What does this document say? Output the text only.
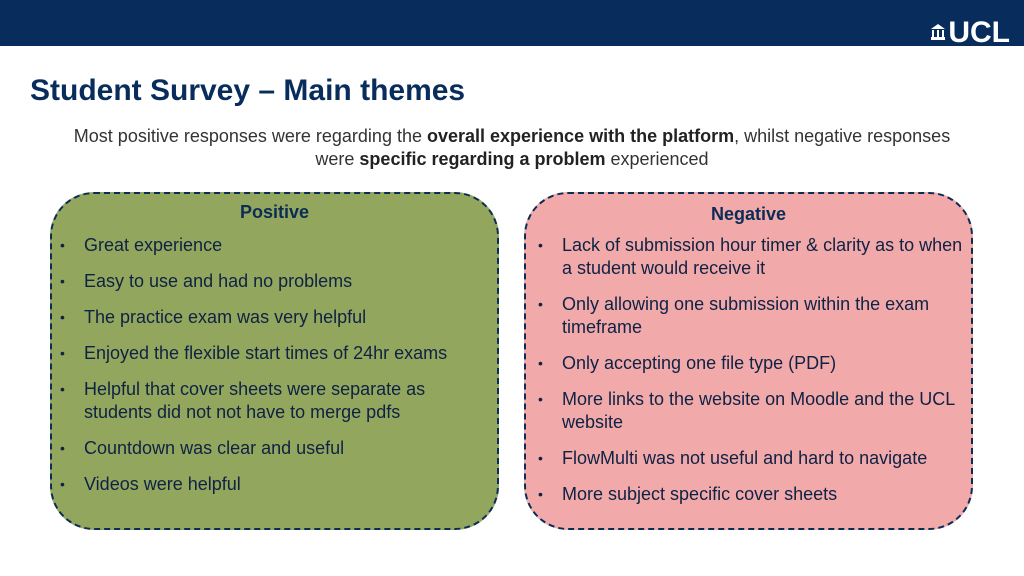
UCL
Student Survey – Main themes
Most positive responses were regarding the overall experience with the platform, whilst negative responses were specific regarding a problem experienced
Positive
• Great experience
• Easy to use and had no problems
• The practice exam was very helpful
• Enjoyed the flexible start times of 24hr exams
• Helpful that cover sheets were separate as students did not not have to merge pdfs
• Countdown was clear and useful
• Videos were helpful
Negative
• Lack of submission hour timer & clarity as to when a student would receive it
• Only allowing one submission within the exam timeframe
• Only accepting one file type (PDF)
• More links to the website on Moodle and the UCL website
• FlowMulti was not useful and hard to navigate
• More subject specific cover sheets
